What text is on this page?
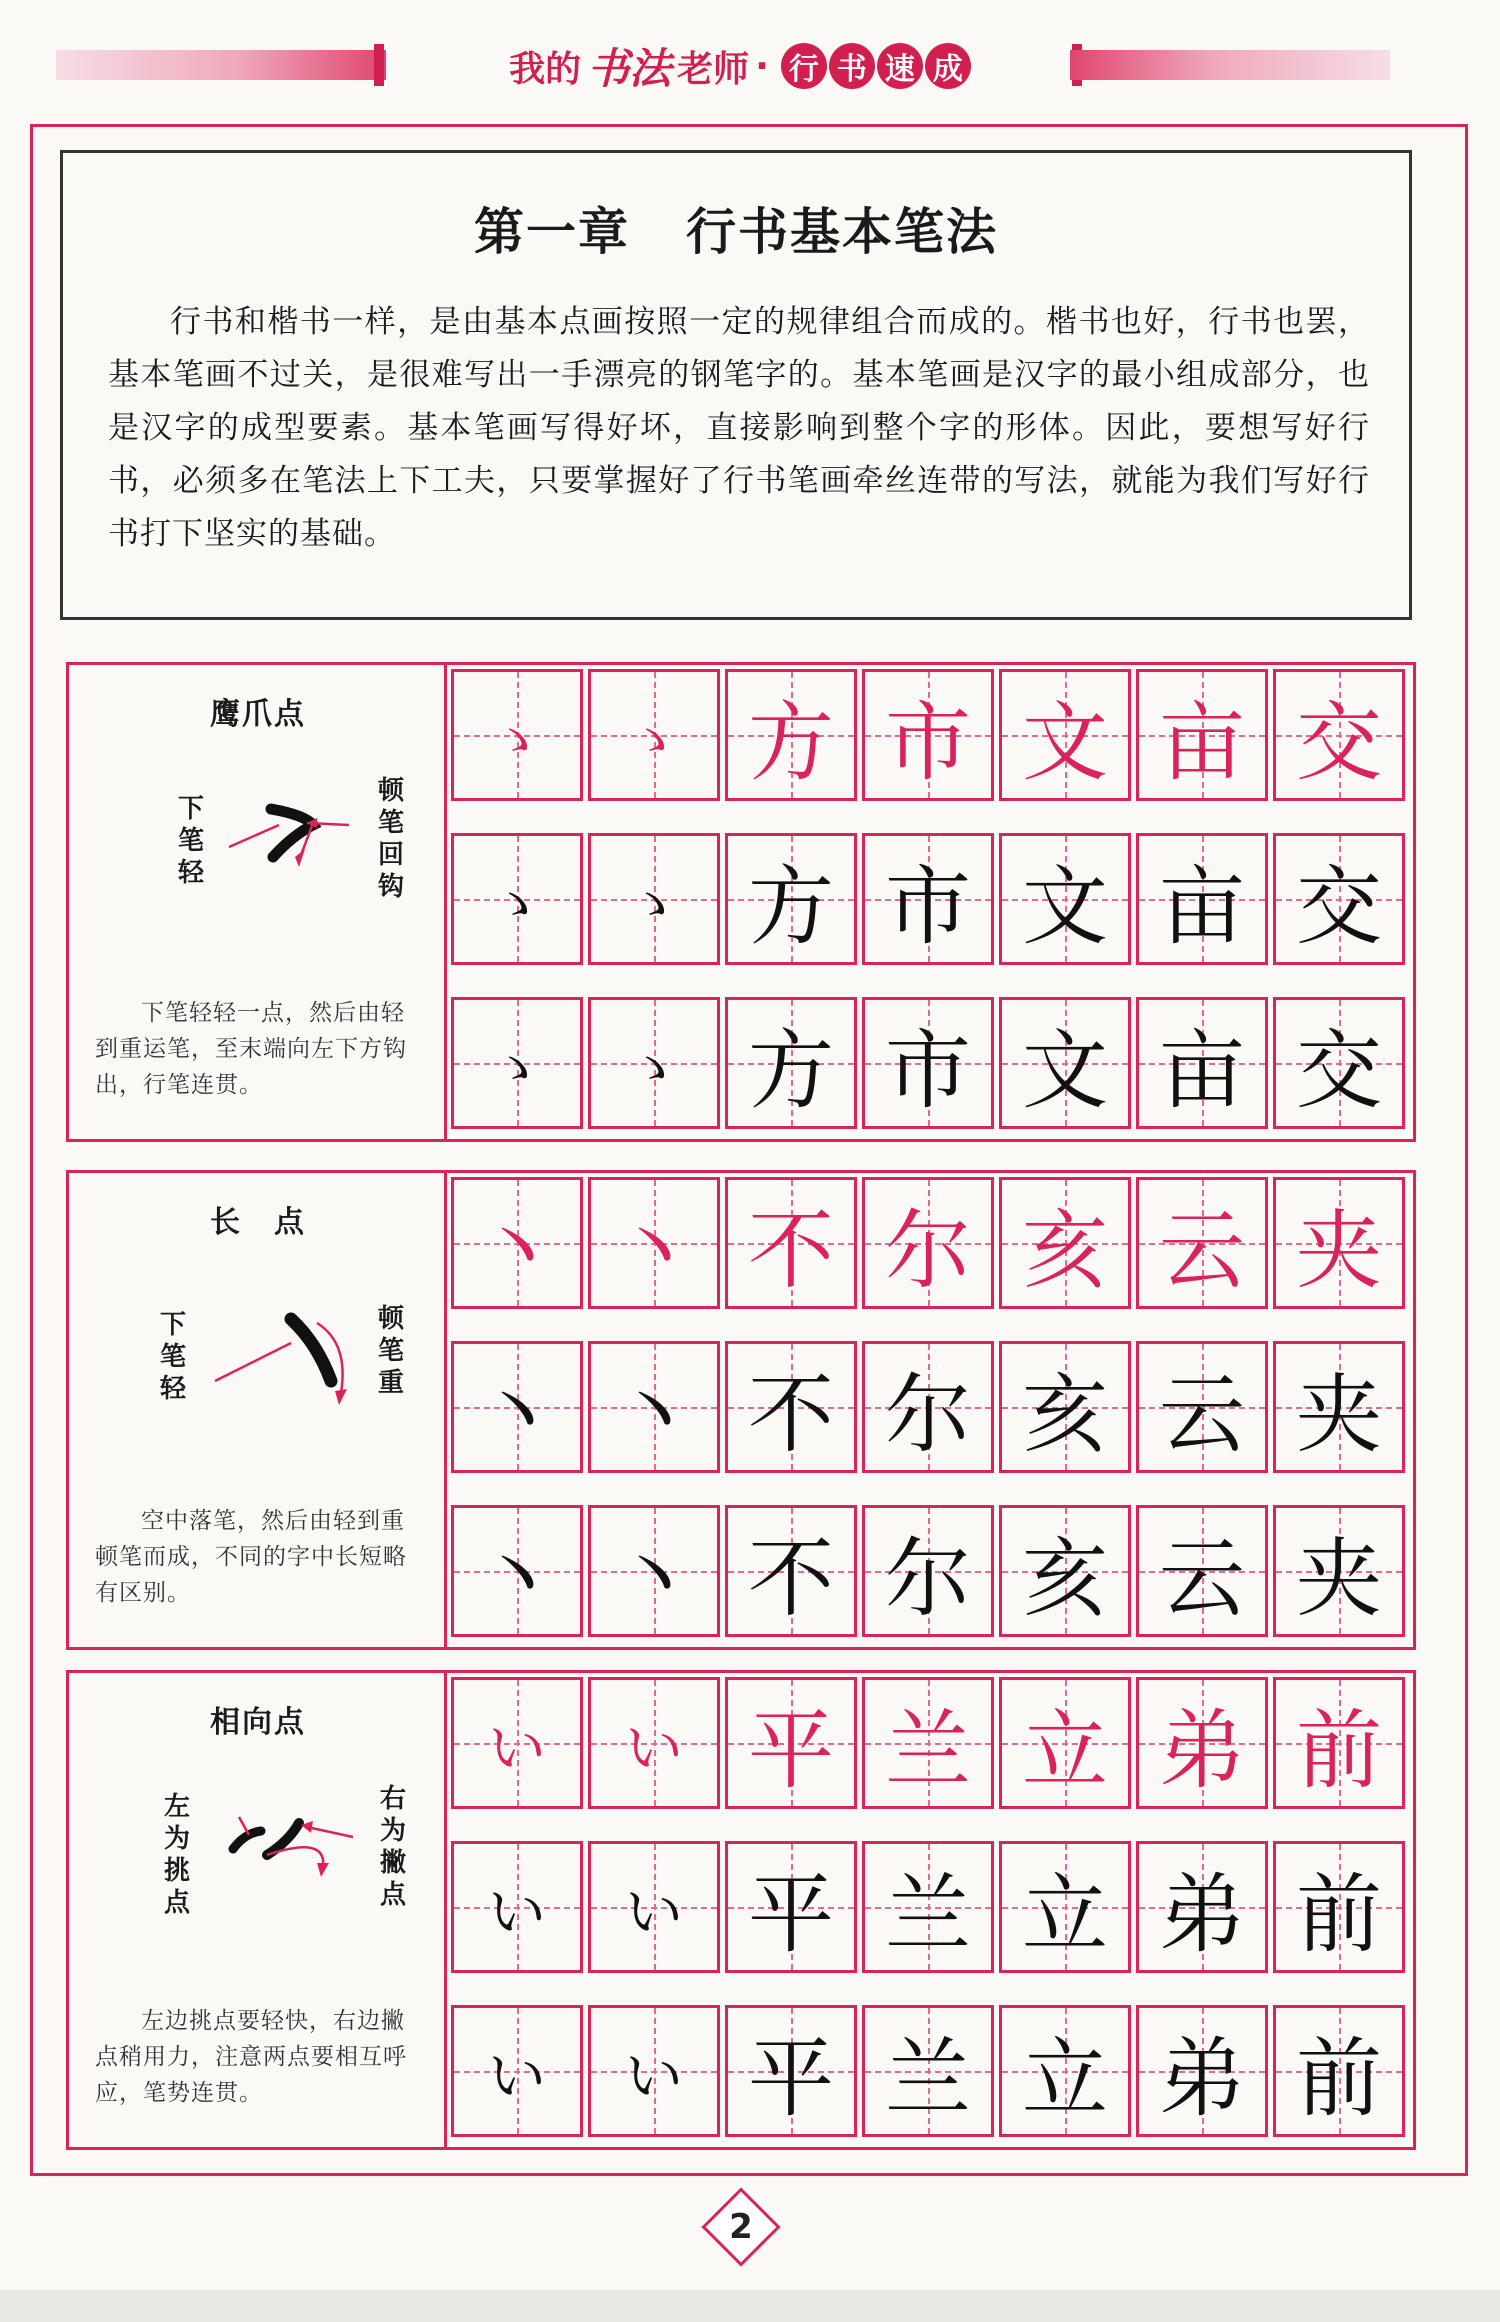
我的 书法 老师 · 行 书 速 成
第一章 行书基本笔法
行书和楷书一样，是由基本点画按照一定的规律组合而成的。楷书也好，行书也罢，基本笔画不过关，是很难写出一手漂亮的钢笔字的。基本笔画是汉字的最小组成部分，也是汉字的成型要素。基本笔画写得好坏，直接影响到整个字的形体。因此，要想写好行书，必须多在笔法上下工夫，只要掌握好了行书笔画牵丝连带的写法，就能为我们写好行书打下坚实的基础。
鹰爪点
下笔轻
顿笔回钩
下笔轻轻一点，然后由轻到重运笔，至末端向左下方钩出，行笔连贯。
ゝ	ゝ 方 市 文 亩 交
ゝ	ゝ 方 市 文 亩 交
ゝ	ゝ 方 市 文 亩 交
长　点
下笔轻
顿笔重
空中落笔，然后由轻到重顿笔而成，不同的字中长短略有区别。
丶 丶 不 尔 亥 云 夹
丶 丶 不 尔 亥 云 夹
丶 丶 不 尔 亥 云 夹
相向点
左为挑点
右为撇点
左边挑点要轻快，右边撇点稍用力，注意两点要相互呼应，笔势连贯。
い	い 平 兰 立 弟 前
い	い 平 兰 立 弟 前
い	い 平 兰 立 弟 前
2
